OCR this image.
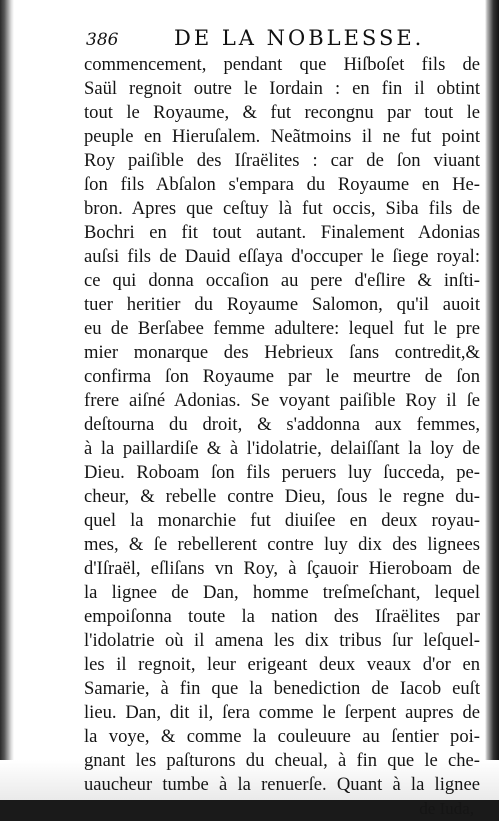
386	DE LA NOBLESSE.
commencement, pendant que Hiſboſet fils de
Saül regnoit outre le Iordain : en fin il obtint
tout le Royaume, & fut recongnu par tout le
peuple en Hieruſalem. Neãtmoins il ne fut point
Roy paiſible des Iſraëlites : car de ſon viuant
ſon fils Abſalon s'empara du Royaume en He-
bron. Apres que ceſtuy là fut occis, Siba fils de
Bochri en fit tout autant. Finalement Adonias
auſsi fils de Dauid eſſaya d'occuper le ſiege royal:
ce qui donna occaſion au pere d'eſlire & inſti-
tuer heritier du Royaume Salomon, qu'il auoit
eu de Berſabee femme adultere: lequel fut le pre
mier monarque des Hebrieux ſans contredit,&
confirma ſon Royaume par le meurtre de ſon
frere aiſné Adonias. Se voyant paiſible Roy il ſe
deſtourna du droit, & s'addonna aux femmes,
à la paillardiſe & à l'idolatrie, delaiſſant la loy de
Dieu. Roboam ſon fils peruers luy ſucceda, pe-
cheur, & rebelle contre Dieu, ſous le regne du-
quel la monarchie fut diuiſee en deux royau-
mes, & ſe rebellerent contre luy dix des lignees
d'Iſraël, eſliſans vn Roy, à ſçauoir Hieroboam de
la lignee de Dan, homme treſmeſchant, lequel
empoiſonna toute la nation des Iſraëlites par
l'idolatrie où il amena les dix tribus ſur leſquel-
les il regnoit, leur erigeant deux veaux d'or en
Samarie, à fin que la benediction de Iacob euſt
lieu. Dan, dit il, ſera comme le ſerpent aupres de
la voye, & comme la couleuure au ſentier poi-
gnant les paſturons du cheual, à fin que le che-
uaucheur tumbe à la renuerſe. Quant à la lignee
de Iuda,
